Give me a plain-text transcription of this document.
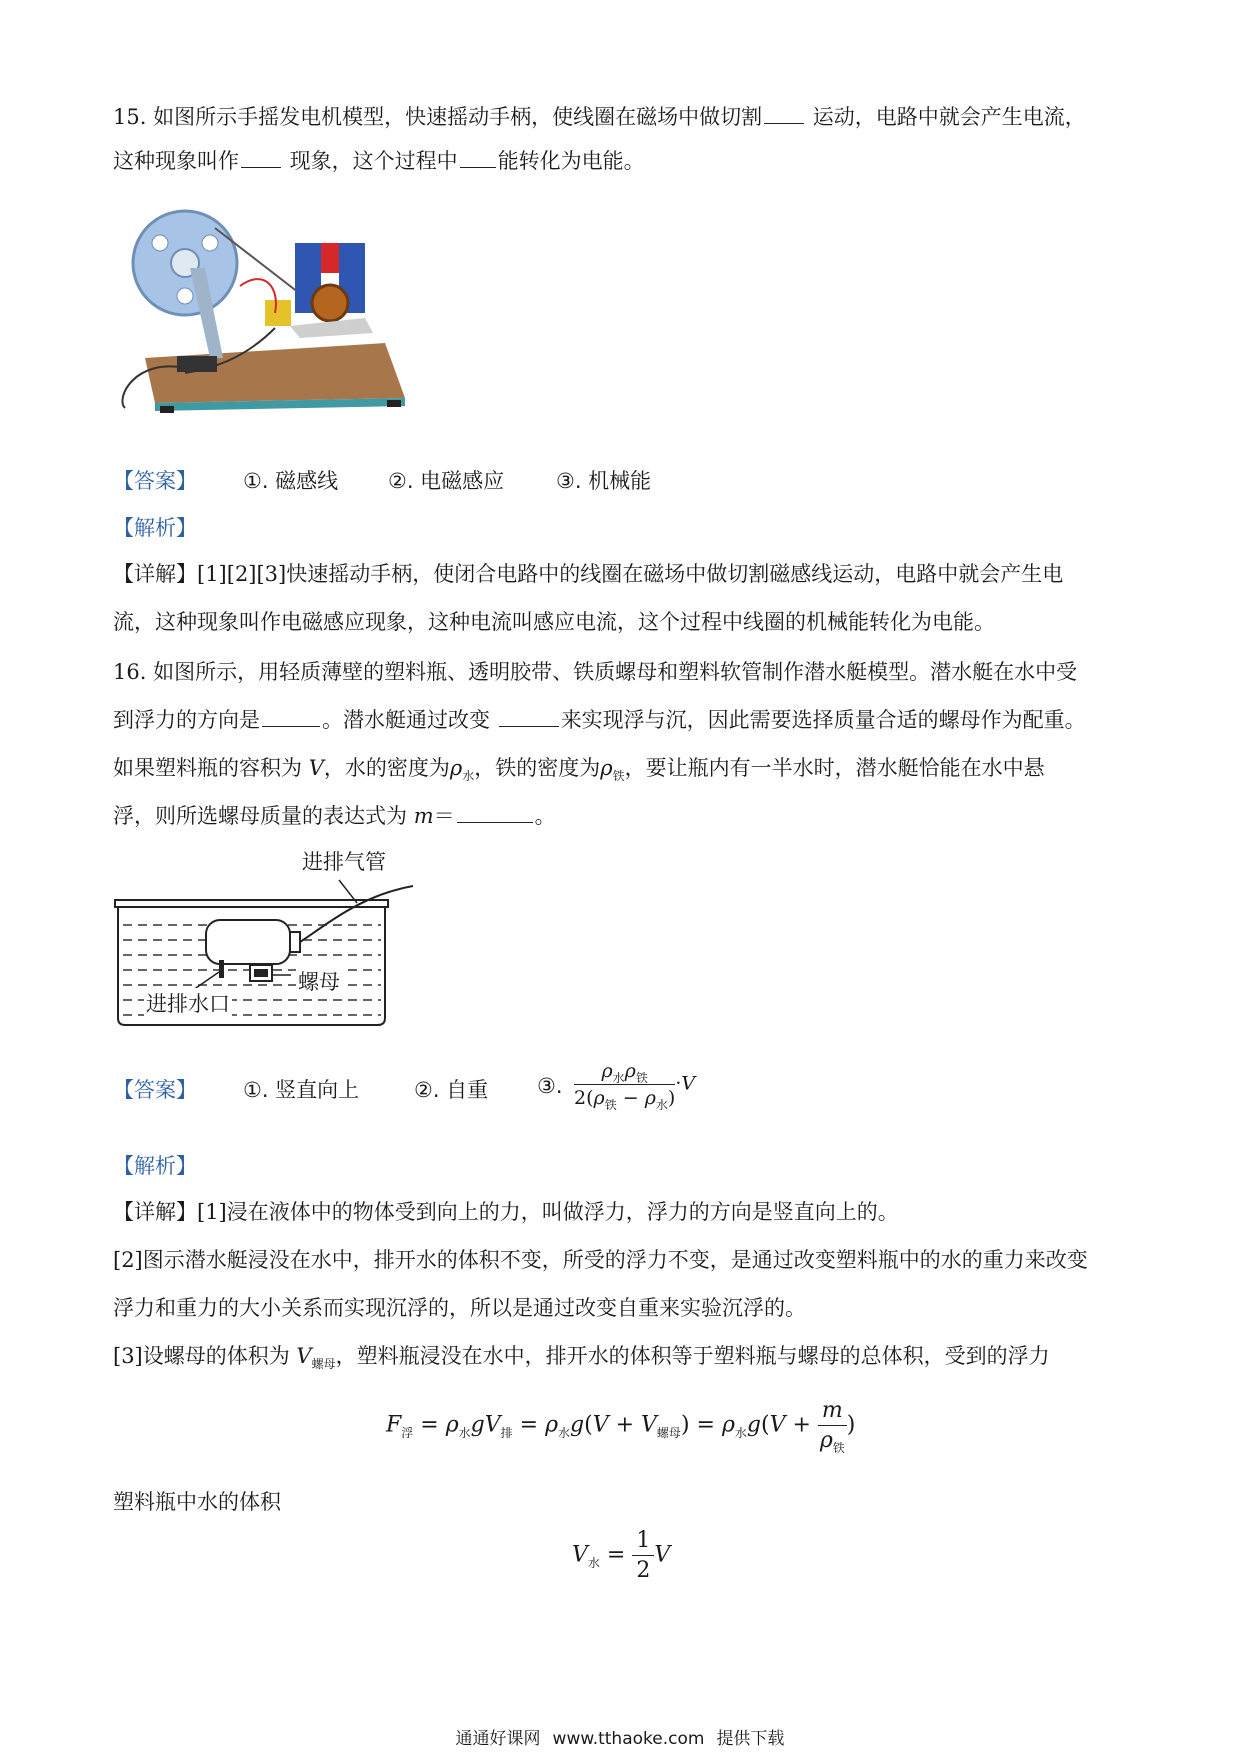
15. 如图所示手摇发电机模型，快速摇动手柄，使线圈在磁场中做切割 运动，电路中就会产生电流，
这种现象叫作 现象，这个过程中 能转化为电能。
【答案】 ①. 磁感线 ②. 电磁感应 ③. 机械能
【解析】
【详解】[1][2][3]快速摇动手柄，使闭合电路中的线圈在磁场中做切割磁感线运动，电路中就会产生电
流，这种现象叫作电磁感应现象，这种电流叫感应电流，这个过程中线圈的机械能转化为电能。
16. 如图所示，用轻质薄壁的塑料瓶、透明胶带、铁质螺母和塑料软管制作潜水艇模型。潜水艇在水中受
到浮力的方向是	。潜水艇通过改变	来实现浮与沉，因此需要选择质量合适的螺母作为配重。
如果塑料瓶的容积为 V，水的密度为$\rho_水$，铁的密度为$\rho_铁$，要让瓶内有一半水时，潜水艇恰能在水中悬
浮，则所选螺母质量的表达式为 m＝	。
进排气管
螺母
进排水口
【答案】 ①. 竖直向上	②. 自重 ③. $\frac{\rho_水\rho_铁}{2(\rho_铁 - \rho_水)} \cdot V$
【解析】
【详解】[1]浸在液体中的物体受到向上的力，叫做浮力，浮力的方向是竖直向上的。
[2]图示潜水艇浸没在水中，排开水的体积不变，所受的浮力不变，是通过改变塑料瓶中的水的重力来改变
浮力和重力的大小关系而实现沉浮的，所以是通过改变自重来实验沉浮的。
[3]设螺母的体积为 $V_{螺母}$，塑料瓶浸没在水中，排开水的体积等于塑料瓶与螺母的总体积，受到的浮力
$F_浮 = \rho_水gV_排 = \rho_水g(V + V_{螺母}) = \rho_水g(V + \frac{m}{\rho_铁}$ )
塑料瓶中水的体积
$V_水 = \frac{1}{2}$ V
通通好课网 www.tthaoke.com 提供下载
